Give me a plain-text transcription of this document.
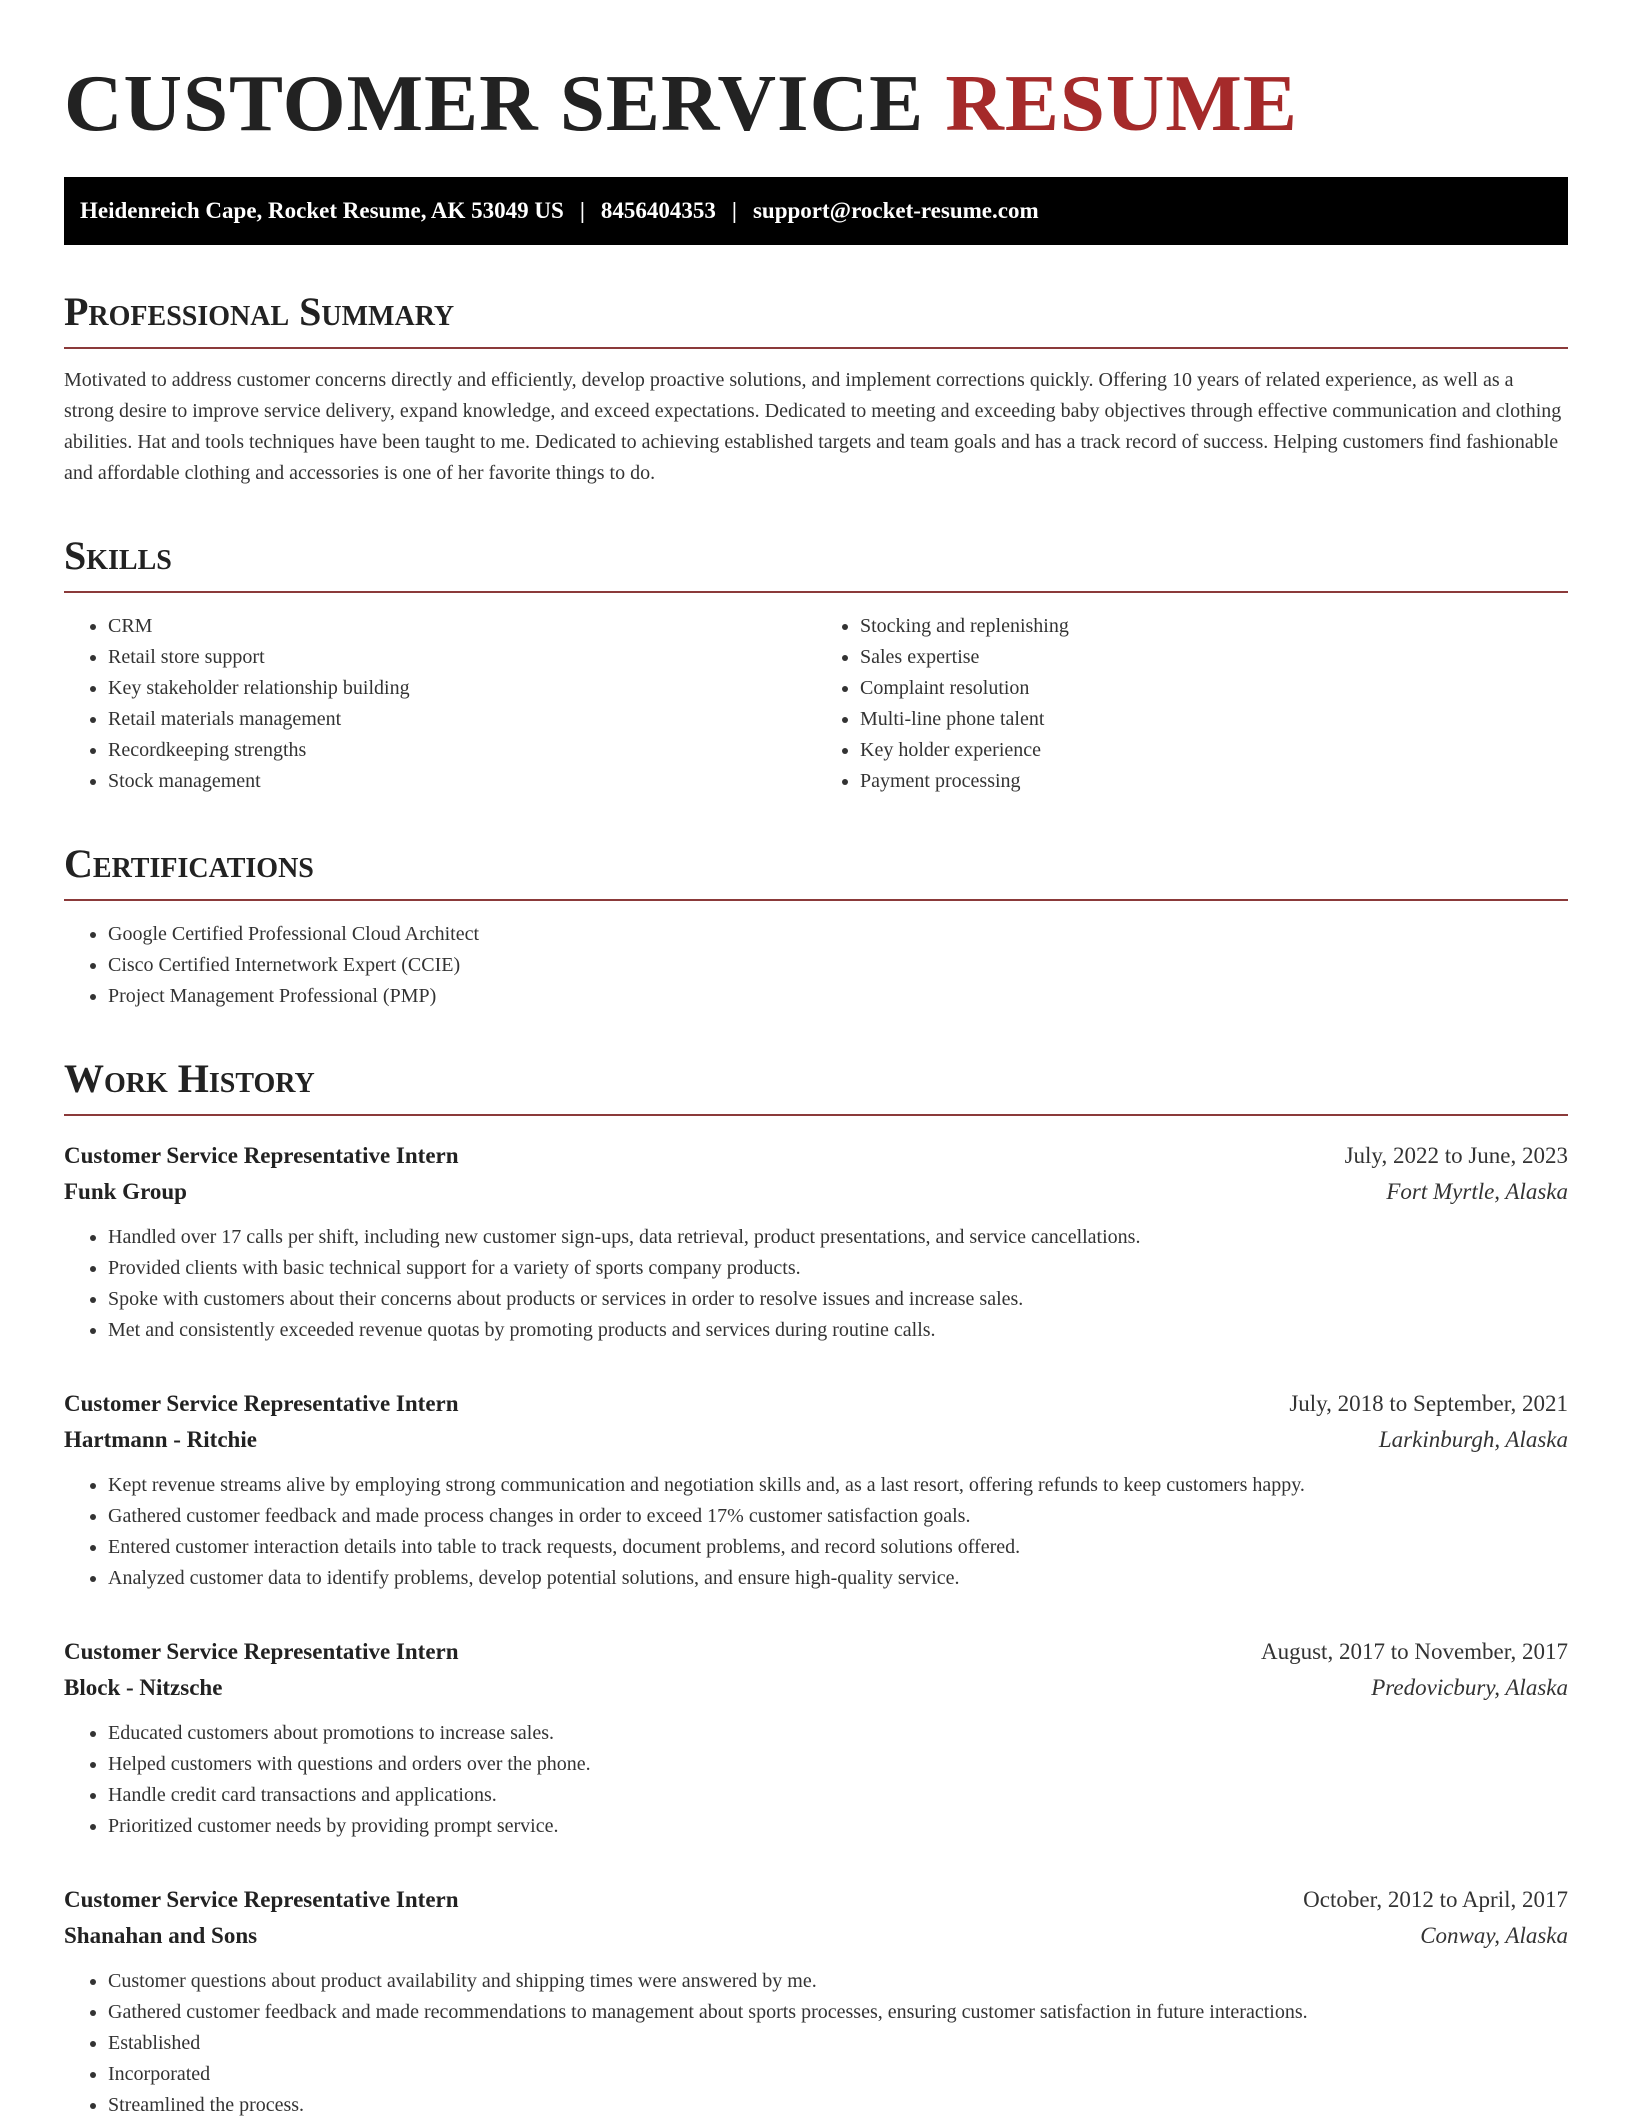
CUSTOMER SERVICE RESUME
Heidenreich Cape, Rocket Resume, AK 53049 US | 8456404353 | support@rocket-resume.com
Professional Summary

Motivated to address customer concerns directly and efficiently, develop proactive solutions, and implement corrections quickly. Offering 10 years of related experience, as well as a strong desire to improve service delivery, expand knowledge, and exceed expectations. Dedicated to meeting and exceeding baby objectives through effective communication and clothing abilities. Hat and tools techniques have been taught to me. Dedicated to achieving established targets and team goals and has a track record of success. Helping customers find fashionable and affordable clothing and accessories is one of her favorite things to do.

Skills
• CRM
• Retail store support
• Key stakeholder relationship building
• Retail materials management
• Recordkeeping strengths
• Stock management
• Stocking and replenishing
• Sales expertise
• Complaint resolution
• Multi-line phone talent
• Key holder experience
• Payment processing
Certifications
• Google Certified Professional Cloud Architect
• Cisco Certified Internetwork Expert (CCIE)
• Project Management Professional (PMP)
Work History
Customer Service Representative Intern	July, 2022 to June, 2023
Funk Group	Fort Myrtle, Alaska
• Handled over 17 calls per shift, including new customer sign-ups, data retrieval, product presentations, and service cancellations.
• Provided clients with basic technical support for a variety of sports company products.
• Spoke with customers about their concerns about products or services in order to resolve issues and increase sales.
• Met and consistently exceeded revenue quotas by promoting products and services during routine calls.
Customer Service Representative Intern	July, 2018 to September, 2021
Hartmann - Ritchie	Larkinburgh, Alaska
• Kept revenue streams alive by employing strong communication and negotiation skills and, as a last resort, offering refunds to keep customers happy.
• Gathered customer feedback and made process changes in order to exceed 17% customer satisfaction goals.
• Entered customer interaction details into table to track requests, document problems, and record solutions offered.
• Analyzed customer data to identify problems, develop potential solutions, and ensure high-quality service.
Customer Service Representative Intern	August, 2017 to November, 2017
Block - Nitzsche	Predovicbury, Alaska
• Educated customers about promotions to increase sales.
• Helped customers with questions and orders over the phone.
• Handle credit card transactions and applications.
• Prioritized customer needs by providing prompt service.
Customer Service Representative Intern	October, 2012 to April, 2017
Shanahan and Sons	Conway, Alaska
• Customer questions about product availability and shipping times were answered by me.
• Gathered customer feedback and made recommendations to management about sports processes, ensuring customer satisfaction in future interactions.
• Established
• Incorporated
• Streamlined the process.
